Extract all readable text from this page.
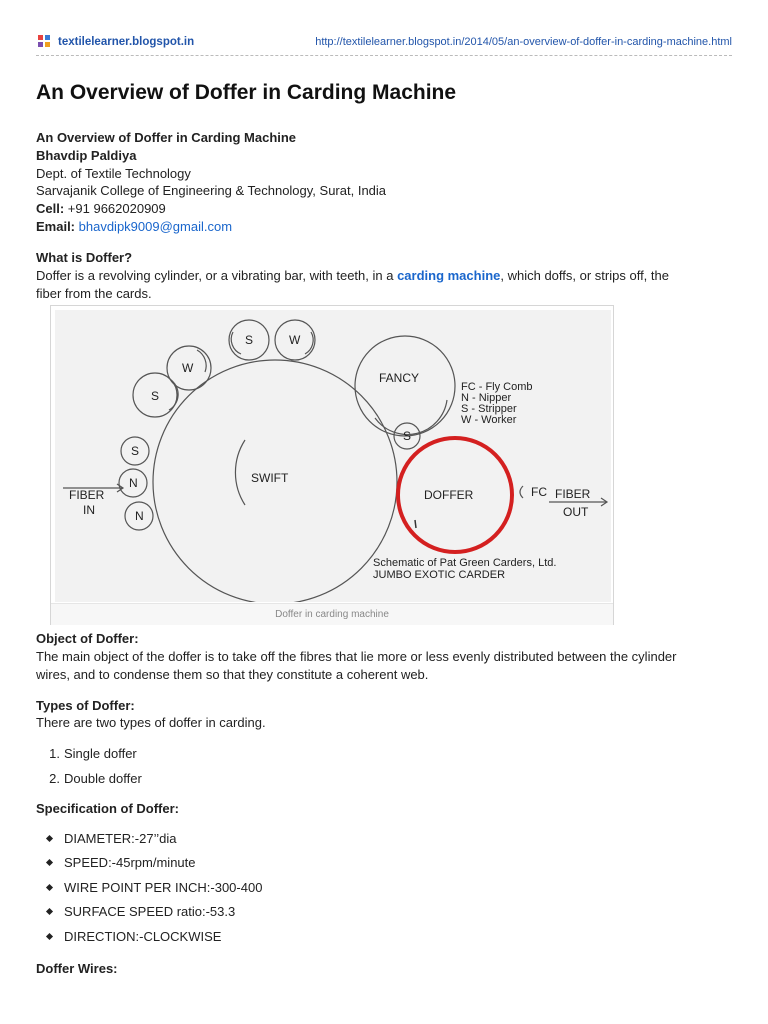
textilelearner.blogspot.in	http://textilelearner.blogspot.in/2014/05/an-overview-of-doffer-in-carding-machine.html
An Overview of Doffer in Carding Machine
An Overview of Doffer in Carding Machine
Bhavdip Paldiya
Dept. of Textile Technology
Sarvajanik College of Engineering & Technology, Surat, India
Cell: +91 9662020909
Email: bhavdipk9009@gmail.com
What is Doffer?
Doffer is a revolving cylinder, or a vibrating bar, with teeth, in a carding machine, which doffs, or strips off, the
fiber from the cards.
S	W
W
S
S
N
N
SWIFT
FANCY
S
DOFFER	FC
FIBER
IN
FIBER
OUT
FC - Fly Comb
N - Nipper
S - Stripper
W - Worker
Schematic of Pat Green Carders, Ltd.
JUMBO EXOTIC CARDER
Doffer in carding machine
Object of Doffer:
The main object of the doffer is to take off the fibres that lie more or less evenly distributed between the cylinder
wires, and to condense them so that they constitute a coherent web.
Types of Doffer:
There are two types of doffer in carding.
1. Single doffer
2. Double doffer
Specification of Doffer:
DIAMETER:-27’’dia
SPEED:-45rpm/minute
WIRE POINT PER INCH:-300-400
SURFACE SPEED ratio:-53.3
DIRECTION:-CLOCKWISE
Doffer Wires:
